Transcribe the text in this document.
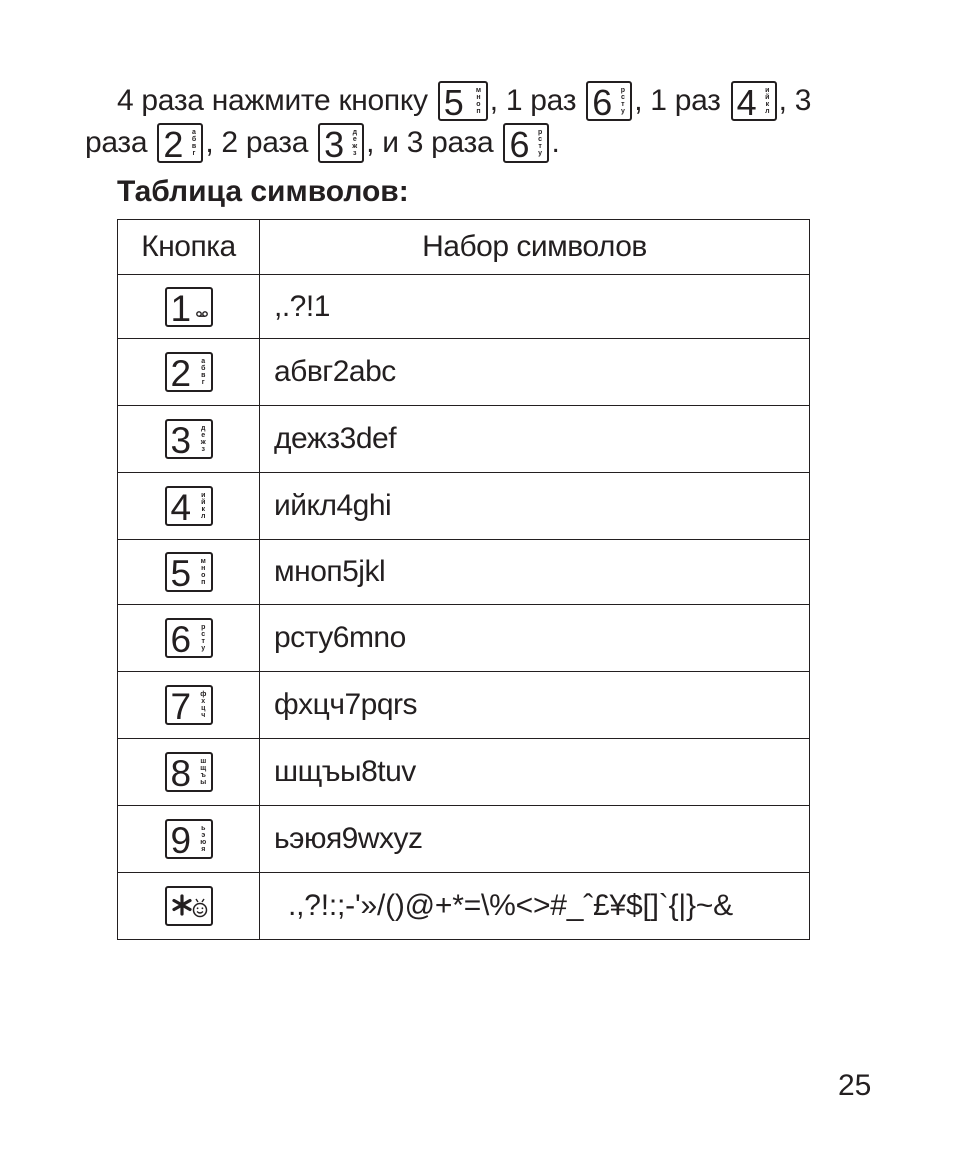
4 раза нажмите кнопку 5 м
н
о
п , 1 раз 6 р
с
т
у , 1 раз 4 и
й
к
л , 3
раза 2 а
б
в
г , 2 раза 3 д
е
ж
з , и 3 раза 6 р
с
т
у .
Таблица символов:
Кнопка	Набор символов

1	,.?!1

2 а
б
в
г	абвг2abc

3 д
е
ж
з	дежз3def

4 и
й
к
л	ийкл4ghi

5 м
н
о
п	мноп5jkl

6 р
с
т
у	рсту6mno

7 ф
х
ц
ч	фхцч7pqrs

8 ш
щ
ъ
ы	шщъы8tuv

9 ь
э
ю
я	ьэюя9wxyz

	.,?!:;-'»/()@+*=\%<>#_ˆ£¥$[]`{|}~&
25
